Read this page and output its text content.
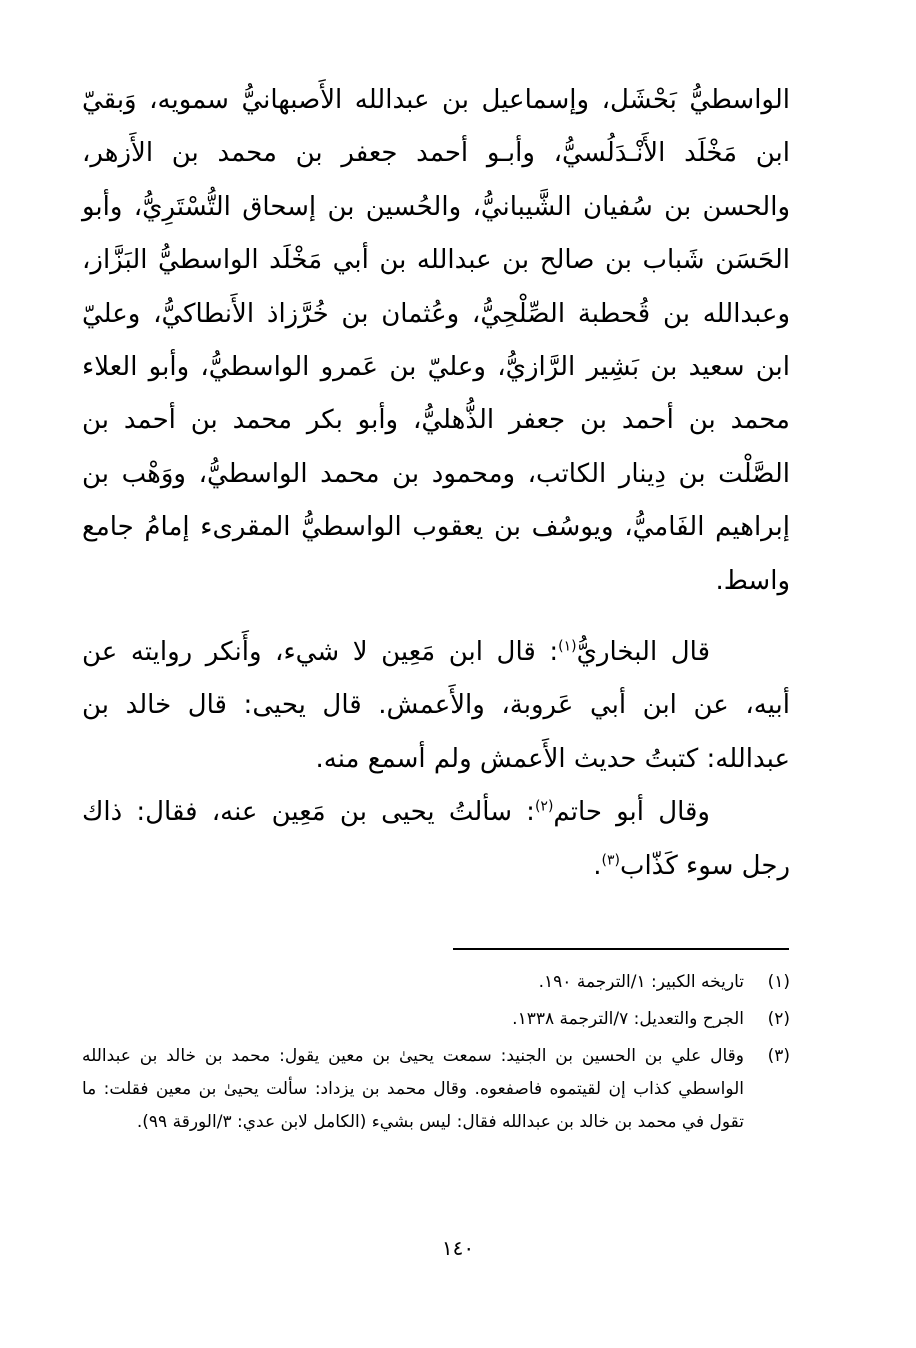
الواسطيُّ بَحْشَل، وإسماعيل بن عبدالله الأَصبهانيُّ سمويه، وَبقيّ ابن مَخْلَد الأَنْـدَلُسيُّ، وأبـو أحمد جعفر بن محمد بن الأَزهر، والحسن بن سُفيان الشَّيبانيُّ، والحُسين بن إسحاق التُّسْتَرِيُّ، وأبو الحَسَن شَباب بن صالح بن عبدالله بن أبي مَخْلَد الواسطيُّ البَزَّاز، وعبدالله بن قُحطبة الصِّلْحِيُّ، وعُثمان بن خُرَّزاذ الأَنطاكيُّ، وعليّ ابن سعيد بن بَشِير الرَّازيُّ، وعليّ بن عَمرو الواسطيُّ، وأبو العلاء محمد بن أحمد بن جعفر الذُّهليُّ، وأبو بكر محمد بن أحمد بن الصَّلْت بن دِينار الكاتب، ومحمود بن محمد الواسطيُّ، ووَهْب بن إبراهيم الفَاميُّ، ويوسُف بن يعقوب الواسطيُّ المقرىء إمامُ جامع واسط.

قال البخاريُّ$^{(١)}$: قال ابن مَعِين لا شيء، وأَنكر روايته عن أبيه، عن ابن أبي عَروبة، والأَعمش. قال يحيى: قال خالد بن عبدالله: كتبتُ حديث الأَعمش ولم أسمع منه.

وقال أبو حاتم$^{(٢)}$: سألتُ يحيى بن مَعِين عنه، فقال: ذاك رجل سوء كَذّاب$^{(٣)}$.

(١)
تاريخه الكبير: ١/الترجمة ١٩٠.
(٢)
الجرح والتعديل: ٧/الترجمة ١٣٣٨.
(٣)
وقال علي بن الحسين بن الجنيد: سمعت يحيىٰ بن معين يقول: محمد بن خالد بن عبدالله الواسطي كذاب إن لقيتموه فاصفعوه. وقال محمد بن يزداد: سألت يحيىٰ بن معين فقلت: ما تقول في محمد بن خالد بن عبدالله فقال: ليس بشيء (الكامل لابن عدي: ٣/الورقة ٩٩).
١٤٠
